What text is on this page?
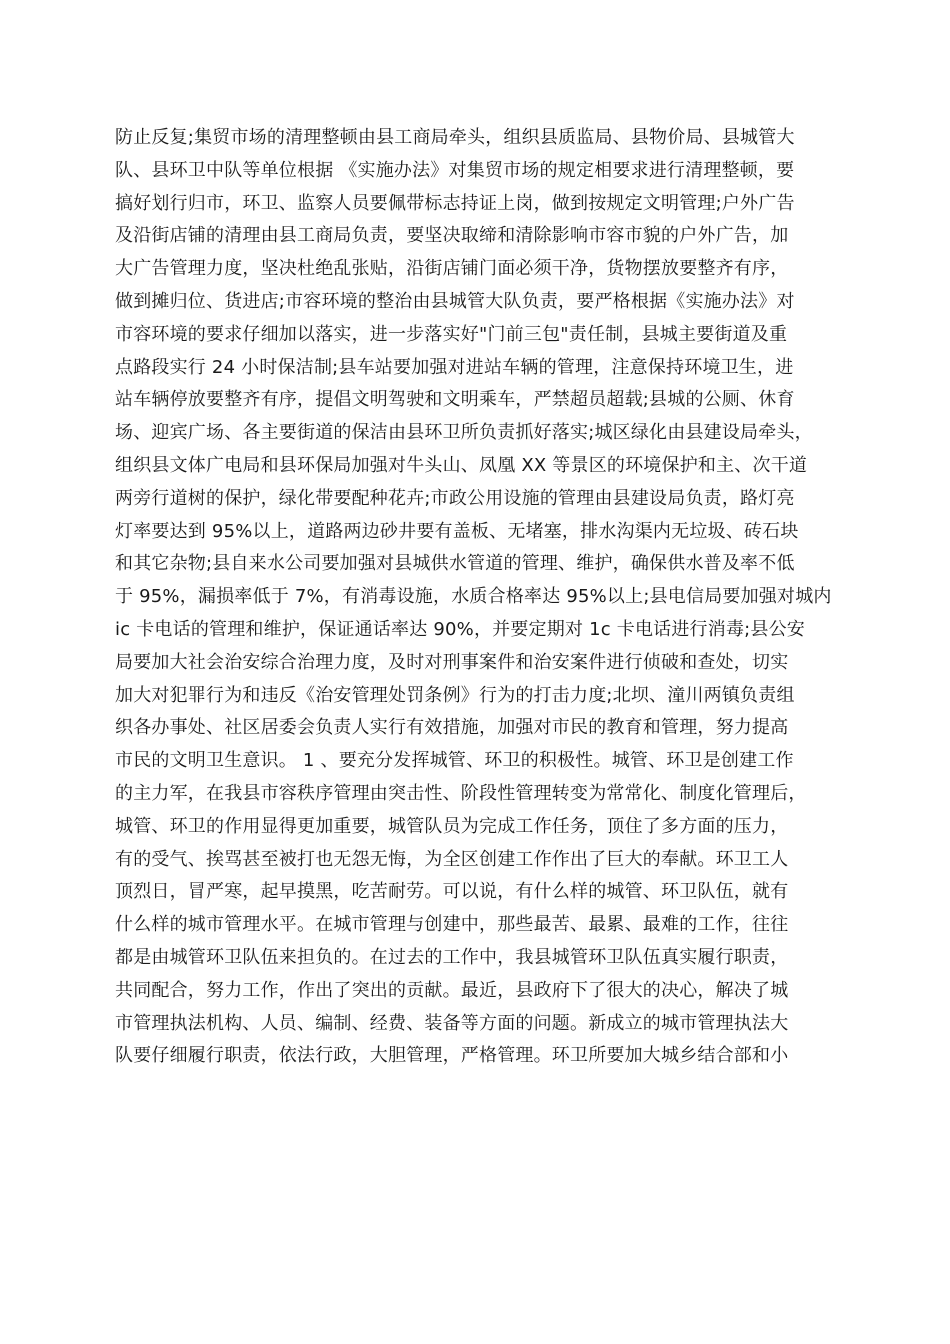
防止反复;集贸市场的清理整顿由县工商局牵头，组织县质监局、县物价局、县城管大
队、县环卫中队等单位根据 《实施办法》对集贸市场的规定相要求进行清理整顿，要
搞好划行归市，环卫、监察人员要佩带标志持证上岗，做到按规定文明管理;户外广告
及沿街店铺的清理由县工商局负责，要坚决取缔和清除影响市容市貌的户外广告，加
大广告管理力度，坚决杜绝乱张贴，沿街店铺门面必须干净，货物摆放要整齐有序，
做到摊归位、货进店;市容环境的整治由县城管大队负责，要严格根据《实施办法》对
市容环境的要求仔细加以落实，进一步落实好"门前三包"责任制，县城主要街道及重
点路段实行 24 小时保洁制;县车站要加强对进站车辆的管理，注意保持环境卫生，进
站车辆停放要整齐有序，提倡文明驾驶和文明乘车，严禁超员超载;县城的公厕、休育
场、迎宾广场、各主要街道的保洁由县环卫所负责抓好落实;城区绿化由县建设局牵头，
组织县文体广电局和县环保局加强对牛头山、凤凰 XX 等景区的环境保护和主、次干道
两旁行道树的保护，绿化带要配种花卉;市政公用设施的管理由县建设局负责，路灯亮
灯率要达到 95%以上，道路两边砂井要有盖板、无堵塞，排水沟渠内无垃圾、砖石块
和其它杂物;县自来水公司要加强对县城供水管道的管理、维护，确保供水普及率不低
于 95%，漏损率低于 7%，有消毒设施，水质合格率达 95%以上;县电信局要加强对城内
ic 卡电话的管理和维护，保证通话率达 90%，并要定期对 1c 卡电话进行消毒;县公安
局要加大社会治安综合治理力度，及时对刑事案件和治安案件进行侦破和查处，切实
加大对犯罪行为和违反《治安管理处罚条例》行为的打击力度;北坝、潼川两镇负责组
织各办事处、社区居委会负责人实行有效措施，加强对市民的教育和管理，努力提高
市民的文明卫生意识。 1 、要充分发挥城管、环卫的积极性。城管、环卫是创建工作
的主力军，在我县市容秩序管理由突击性、阶段性管理转变为常常化、制度化管理后，
城管、环卫的作用显得更加重要，城管队员为完成工作任务，顶住了多方面的压力，
有的受气、挨骂甚至被打也无怨无悔，为全区创建工作作出了巨大的奉献。环卫工人
顶烈日，冒严寒，起早摸黑，吃苦耐劳。可以说，有什么样的城管、环卫队伍，就有
什么样的城市管理水平。在城市管理与创建中，那些最苦、最累、最难的工作，往往
都是由城管环卫队伍来担负的。在过去的工作中，我县城管环卫队伍真实履行职责，
共同配合，努力工作，作出了突出的贡献。最近，县政府下了很大的决心，解决了城
市管理执法机构、人员、编制、经费、装备等方面的问题。新成立的城市管理执法大
队要仔细履行职责，依法行政，大胆管理，严格管理。环卫所要加大城乡结合部和小
